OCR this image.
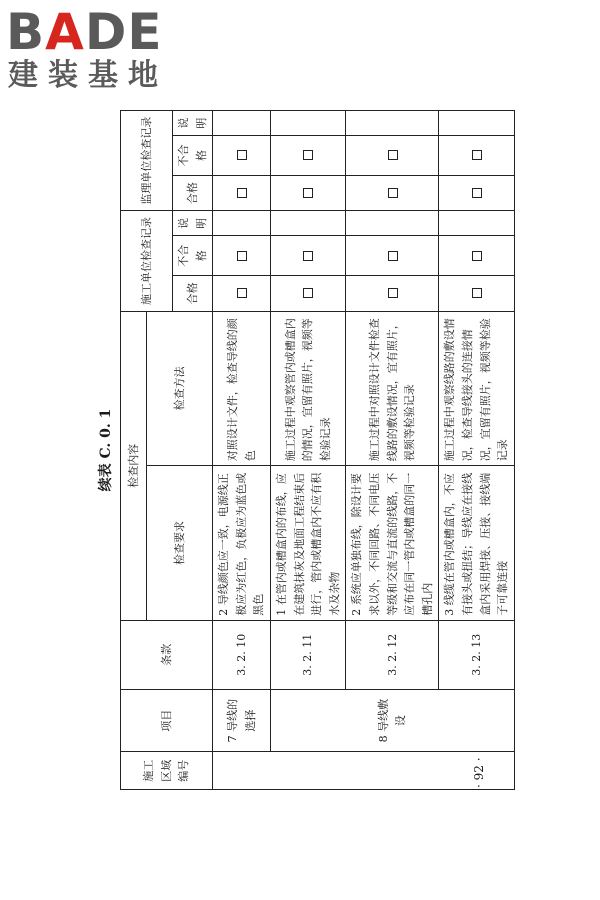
BADE
建装基地
续表 C. 0. 1
施工区域编号	项目	条款	检查内容		施工单位检查记录			监理单位检查记录		
			检查要求	检查方法						
					合格	不合格	说明	合格	不合格	说明
	7 导线的选择	3. 2. 10	2 导线颜色应一致，电源线正极应为红色，负极应为蓝色或黑色	对照设计文件，检查导线的颜色						
	8 导线敷设	3. 2. 11	1 在管内或槽盒内的布线，应在建筑抹灰及地面工程结束后进行，管内或槽盒内不应有积水及杂物	施工过程中观察管内或槽盒内的情况，宜留有照片，视频等检验记录						
		3. 2. 12	2 系统应单独布线，除设计要求以外，不同回路、不同电压等级和交流与直流的线路，不应布在同一管内或槽盒的同一槽孔内	施工过程中对照设计文件检查线路的敷设情况，宜有照片，视频等检验记录						
		3. 2. 13	3 线缆在管内或槽盒内，不应有接头或扭结；导线应在接线盒内采用焊接、压接、接线端子可靠连接	施工过程中观察线路的敷设情况，检查导线接头的连接情况，宜留有照片，视频等检验记录						
· 92 ·
